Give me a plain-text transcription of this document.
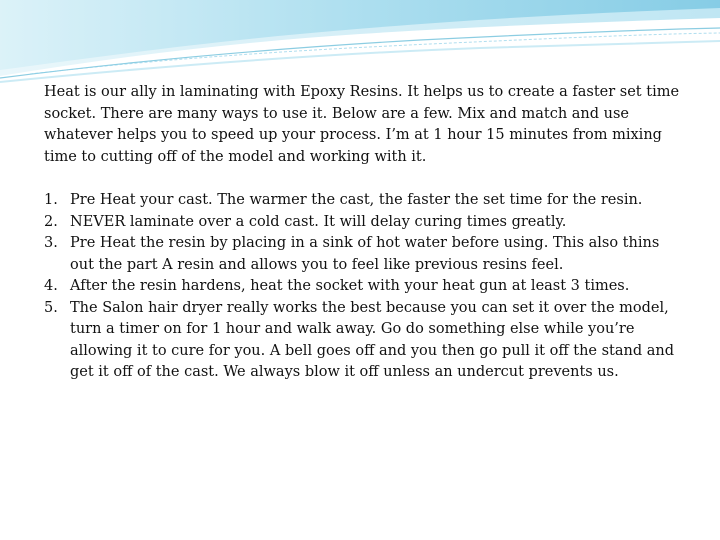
Heat is our ally in laminating with Epoxy Resins. It helps us to create a faster set time socket. There are many ways to use it. Below are a few. Mix and match and use whatever helps you to speed up your process. I’m at 1 hour 15 minutes from mixing time to cutting off of the model and working with it.

1. Pre Heat your cast. The warmer the cast, the faster the set time for the resin.
2. NEVER laminate over a cold cast. It will delay curing times greatly.
3. Pre Heat the resin by placing in a sink of hot water before using. This also thins out the part A resin and allows you to feel like previous resins feel.
4. After the resin hardens, heat the socket with your heat gun at least 3 times.
5. The Salon hair dryer really works the best because you can set it over the model, turn a timer on for 1 hour and walk away. Go do something else while you’re allowing it to cure for you. A bell goes off and you then go pull it off the stand and get it off of the cast. We always blow it off unless an undercut prevents us.
